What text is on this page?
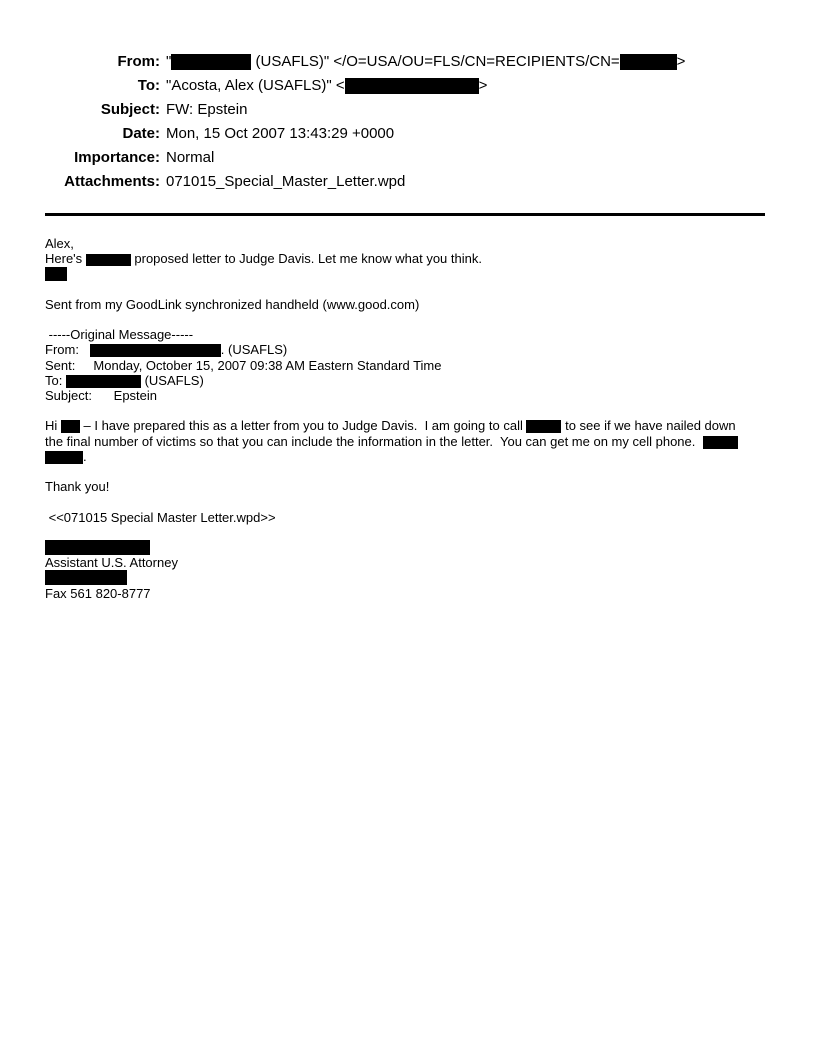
From: "	(USAFLS)" </O=USA/OU=FLS/CN=RECIPIENTS/CN=	>
To: "Acosta, Alex (USAFLS)" <	>
Subject: FW: Epstein
Date: Mon, 15 Oct 2007 13:43:29 +0000
Importance: Normal
Attachments: 071015_Special_Master_Letter.wpd
Alex,
Here's	proposed letter to Judge Davis. Let me know what you think.
Sent from my GoodLink synchronized handheld (www.good.com)
-----Original Message-----
From:	. (USAFLS)
Sent:     Monday, October 15, 2007 09:38 AM Eastern Standard Time
To:	(USAFLS)
Subject:      Epstein
Hi  – I have prepared this as a letter from you to Judge Davis.  I am going to call	to see if we have nailed down
the final number of victims so that you can include the information in the letter.  You can get me on my cell phone.
.
Thank you!
<<071015 Special Master Letter.wpd>>
Assistant U.S. Attorney
Fax 561 820-8777
